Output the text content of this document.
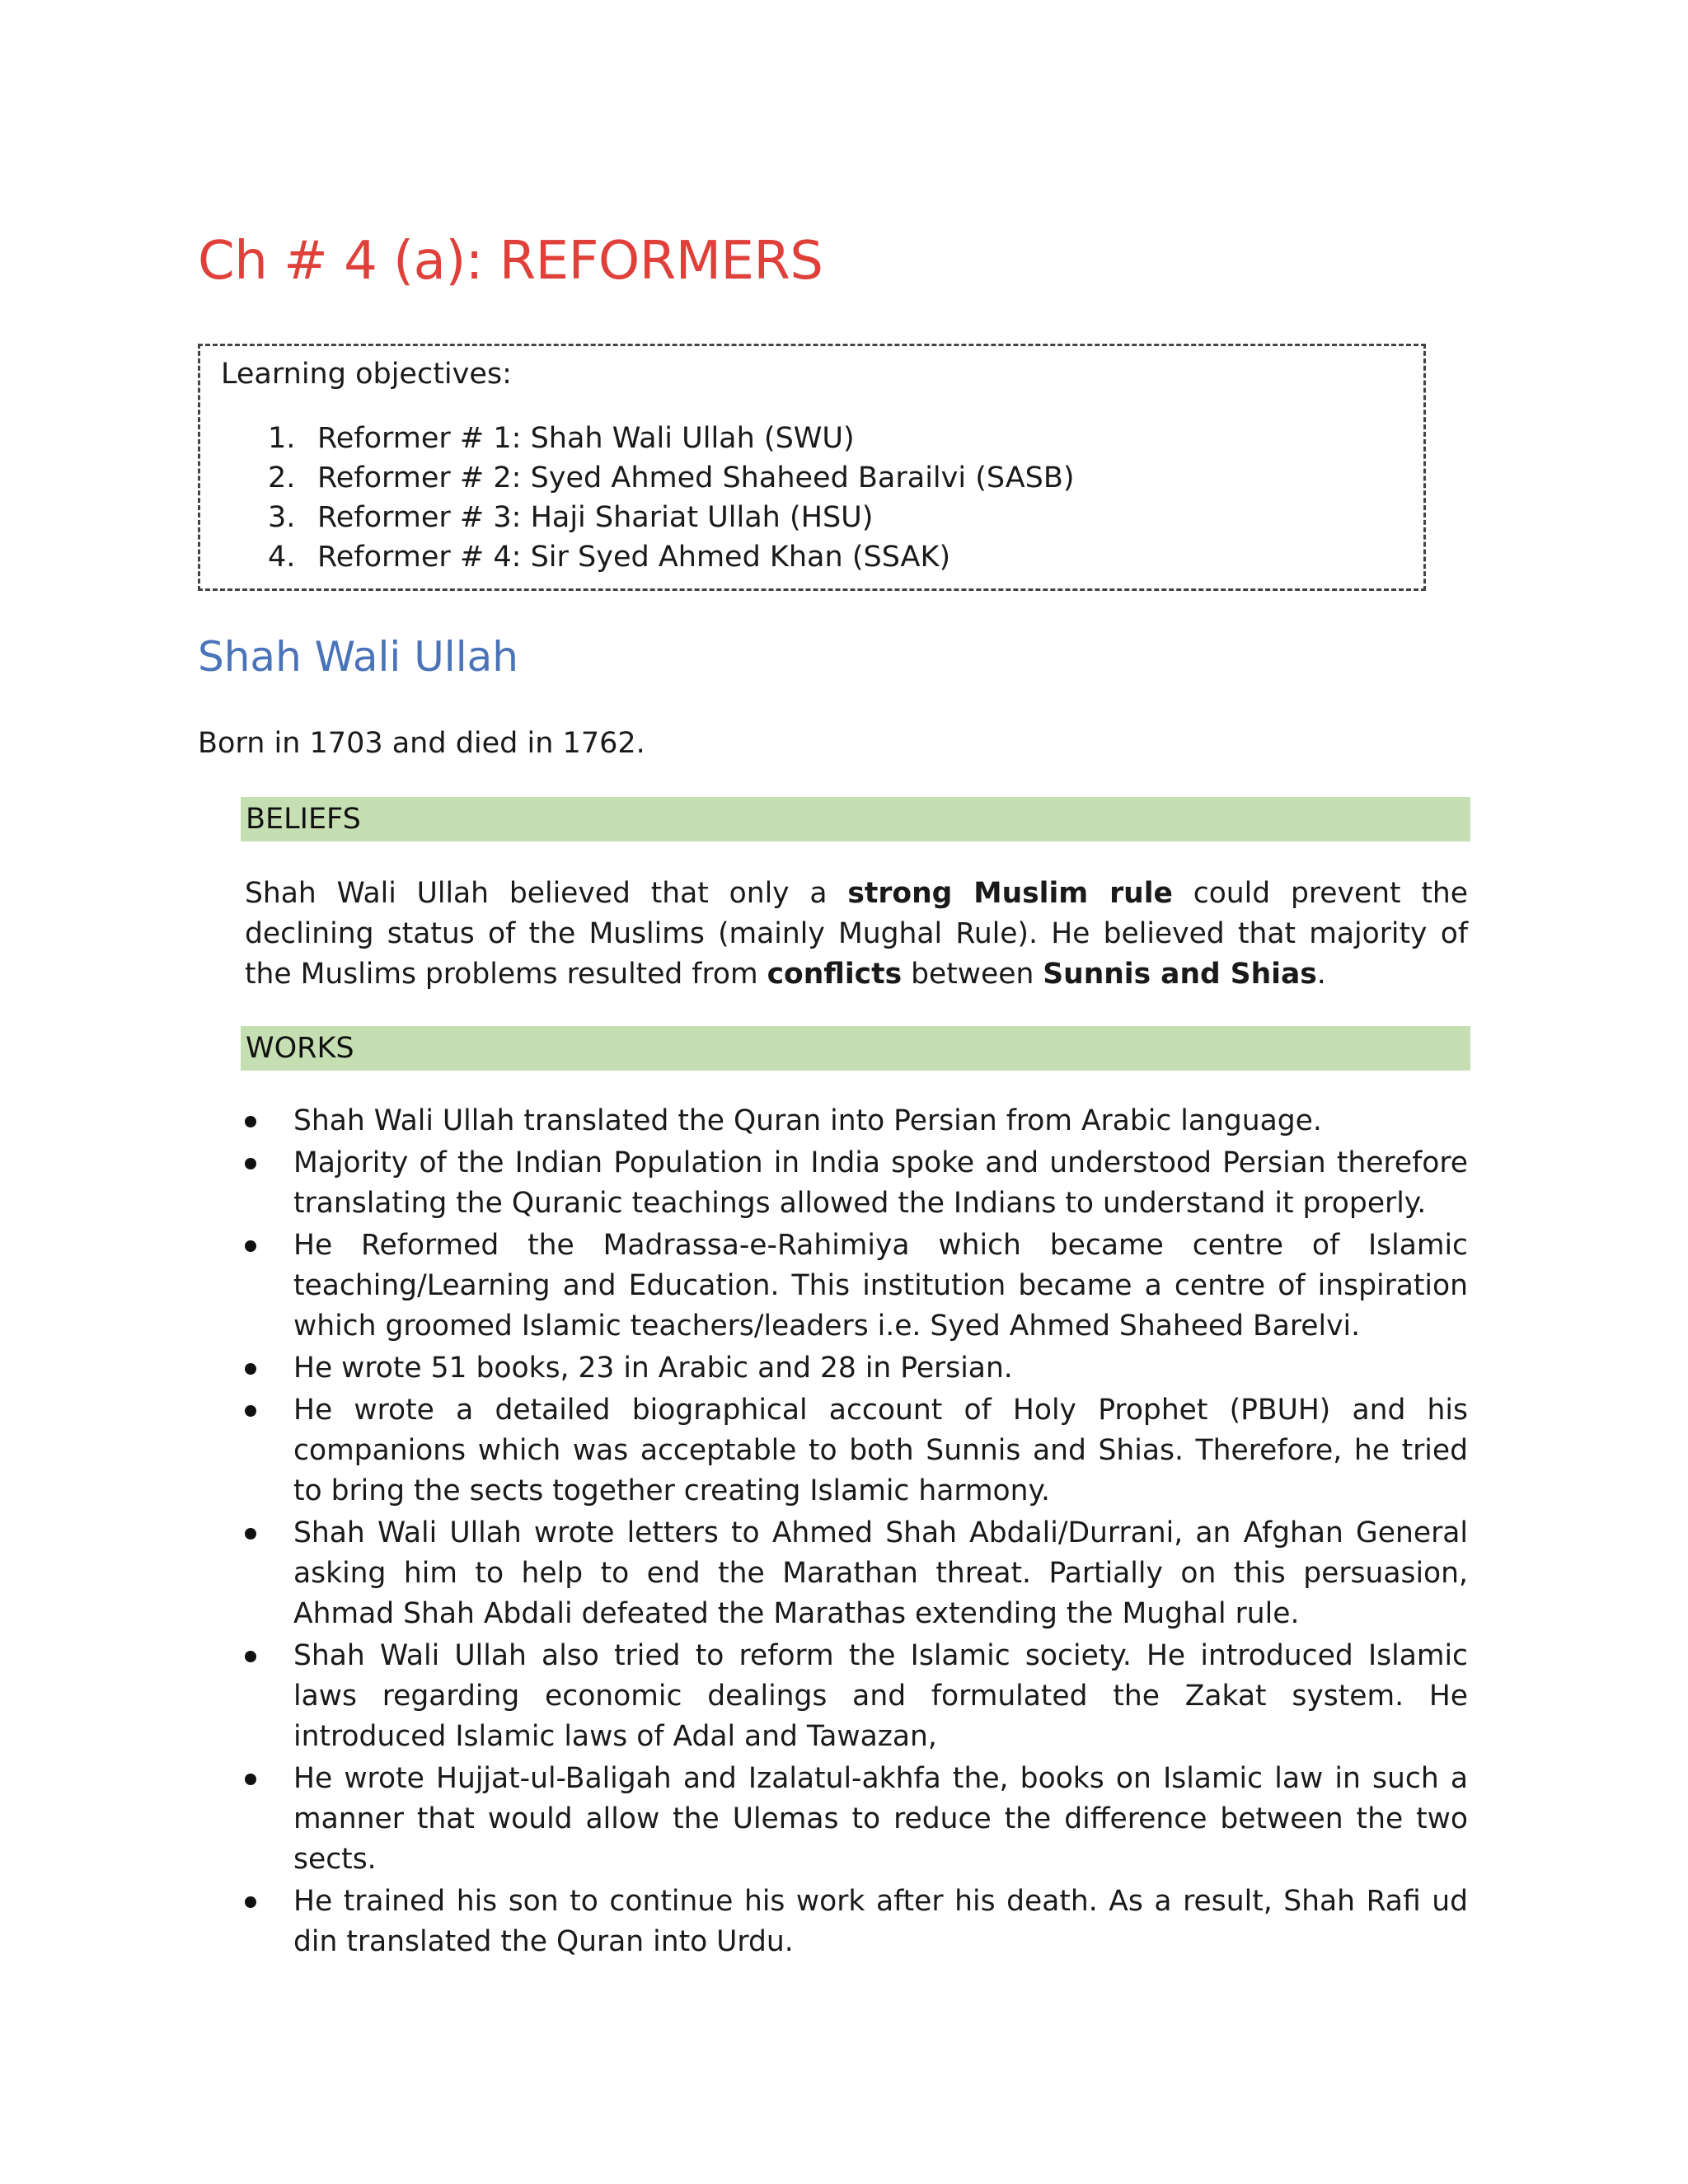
Ch # 4 (a): REFORMERS
Learning objectives:
1. Reformer # 1: Shah Wali Ullah (SWU)
2. Reformer # 2: Syed Ahmed Shaheed Barailvi (SASB)
3. Reformer # 3: Haji Shariat Ullah (HSU)
4. Reformer # 4: Sir Syed Ahmed Khan (SSAK)
Shah Wali Ullah
Born in 1703 and died in 1762.
BELIEFS

Shah Wali Ullah believed that only a strong Muslim rule could prevent the declining status of the Muslims (mainly Mughal Rule). He believed that majority of the Muslims problems resulted from conflicts between Sunnis and Shias.

WORKS
Shah Wali Ullah translated the Quran into Persian from Arabic language.
Majority of the Indian Population in India spoke and understood Persian therefore translating the Quranic teachings allowed the Indians to understand it properly.
He Reformed the Madrassa-e-Rahimiya which became centre of Islamic teaching/Learning and Education. This institution became a centre of inspiration which groomed Islamic teachers/leaders i.e. Syed Ahmed Shaheed Barelvi.
He wrote 51 books, 23 in Arabic and 28 in Persian.
He wrote a detailed biographical account of Holy Prophet (PBUH) and his companions which was acceptable to both Sunnis and Shias. Therefore, he tried to bring the sects together creating Islamic harmony.
Shah Wali Ullah wrote letters to Ahmed Shah Abdali/Durrani, an Afghan General asking him to help to end the Marathan threat. Partially on this persuasion, Ahmad Shah Abdali defeated the Marathas extending the Mughal rule.
Shah Wali Ullah also tried to reform the Islamic society. He introduced Islamic laws regarding economic dealings and formulated the Zakat system. He introduced Islamic laws of Adal and Tawazan,
He wrote Hujjat-ul-Baligah and Izalatul-akhfa the, books on Islamic law in such a manner that would allow the Ulemas to reduce the difference between the two sects.
He trained his son to continue his work after his death. As a result, Shah Rafi ud din translated the Quran into Urdu.
